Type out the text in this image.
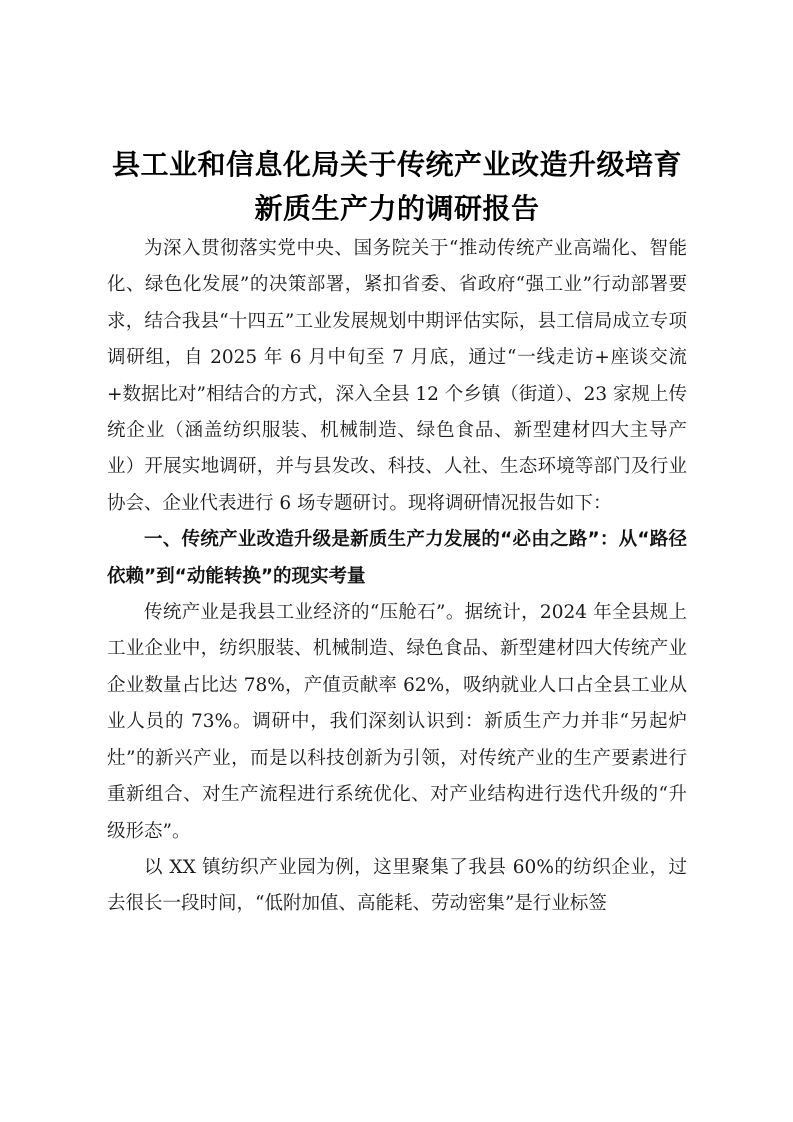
县工业和信息化局关于传统产业改造升级培育
新质生产力的调研报告

为深入贯彻落实党中央、国务院关于“推动传统产业高端化、智能化、绿色化发展”的决策部署，紧扣省委、省政府“强工业”行动部署要求，结合我县“十四五”工业发展规划中期评估实际，县工信局成立专项调研组，自 2025 年 6 月中旬至 7 月底，通过“一线走访+座谈交流+数据比对”相结合的方式，深入全县 12 个乡镇（街道）、23 家规上传统企业（涵盖纺织服装、机械制造、绿色食品、新型建材四大主导产业）开展实地调研，并与县发改、科技、人社、生态环境等部门及行业协会、企业代表进行 6 场专题研讨。现将调研情况报告如下：

一、传统产业改造升级是新质生产力发展的“必由之路”：从“路径依赖”到“动能转换”的现实考量

传统产业是我县工业经济的“压舱石”。据统计，2024 年全县规上工业企业中，纺织服装、机械制造、绿色食品、新型建材四大传统产业企业数量占比达 78%，产值贡献率 62%，吸纳就业人口占全县工业从业人员的 73%。调研中，我们深刻认识到：新质生产力并非“另起炉灶”的新兴产业，而是以科技创新为引领，对传统产业的生产要素进行重新组合、对生产流程进行系统优化、对产业结构进行迭代升级的“升级形态”。

以 XX 镇纺织产业园为例，这里聚集了我县 60%的纺织企业，过去很长一段时间，“低附加值、高能耗、劳动密集”是行业标签
